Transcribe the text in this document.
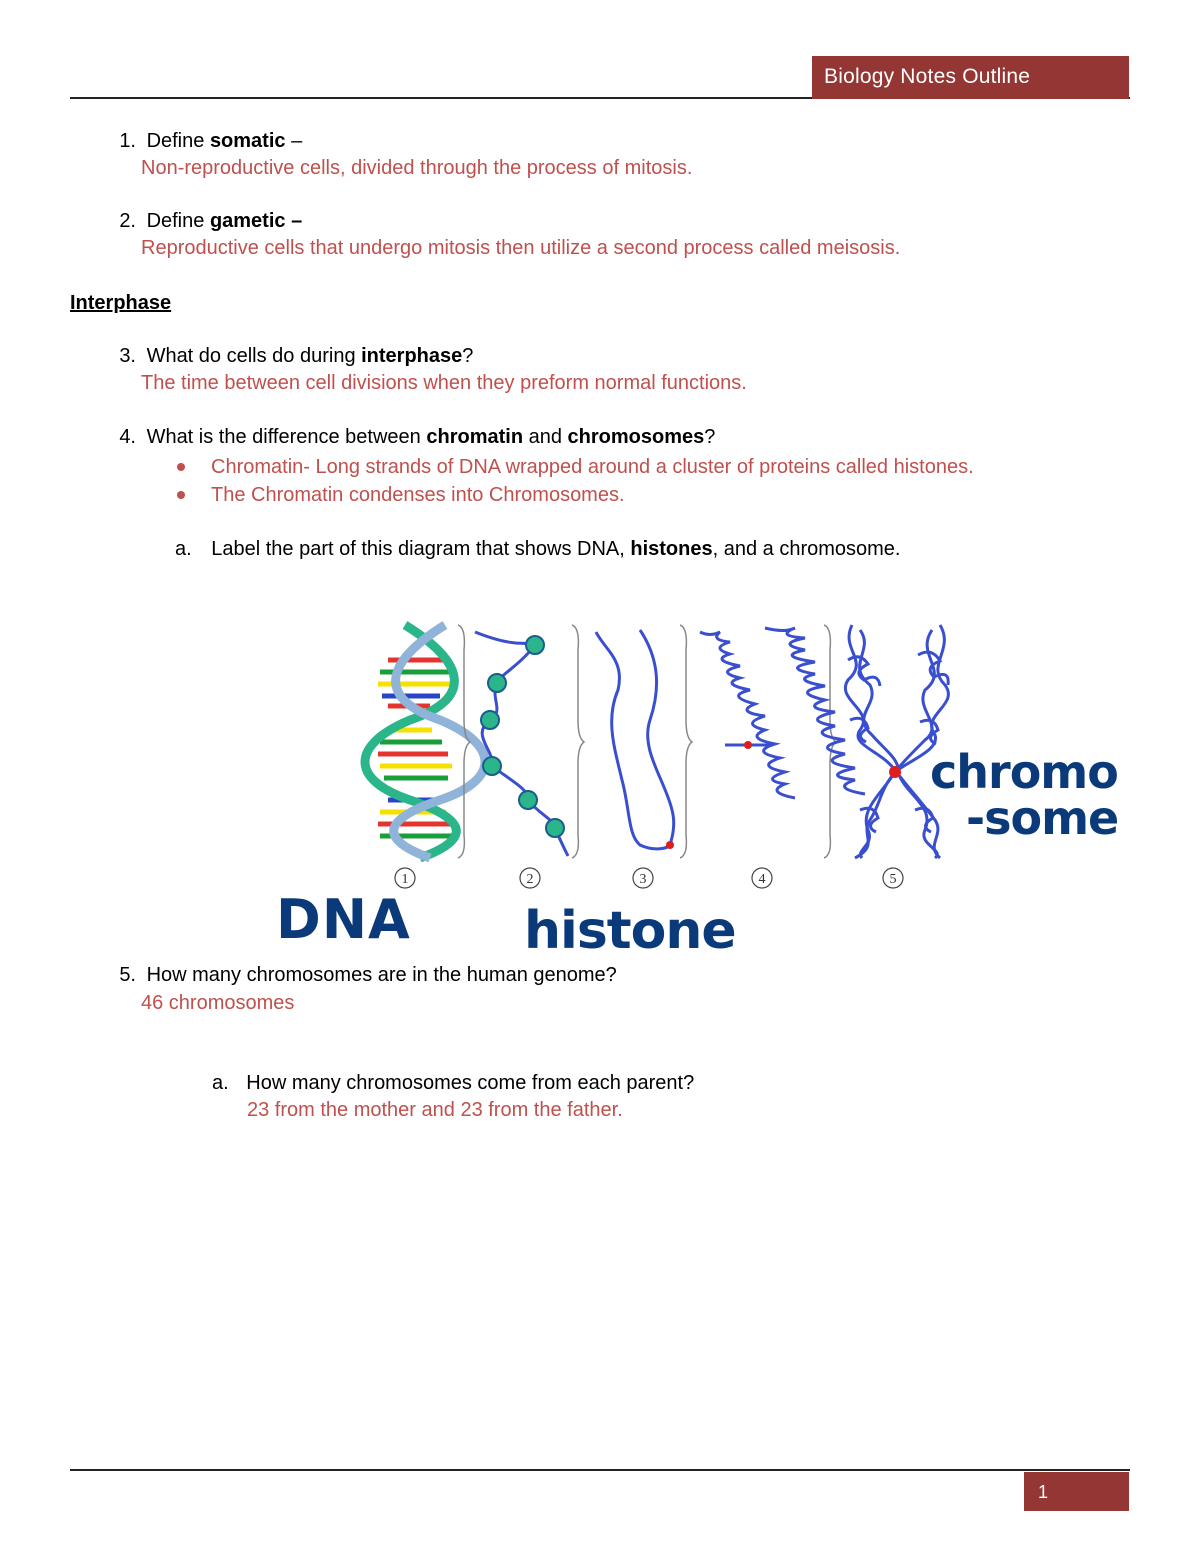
Biology Notes Outline
1. Define somatic –
Non-reproductive cells, divided through the process of mitosis.
2. Define gametic –
Reproductive cells that undergo mitosis then utilize a second process called meisosis.
Interphase
3. What do cells do during interphase?
The time between cell divisions when they preform normal functions.
4. What is the difference between chromatin and chromosomes?
Chromatin- Long strands of DNA wrapped around a cluster of proteins called histones.
The Chromatin condenses into Chromosomes.
a. Label the part of this diagram that shows DNA, histones, and a chromosome.
1	2	3	4	5
DNA histone
chromo
-some
5. How many chromosomes are in the human genome?
46 chromosomes
a. How many chromosomes come from each parent?
23 from the mother and 23 from the father.
1
